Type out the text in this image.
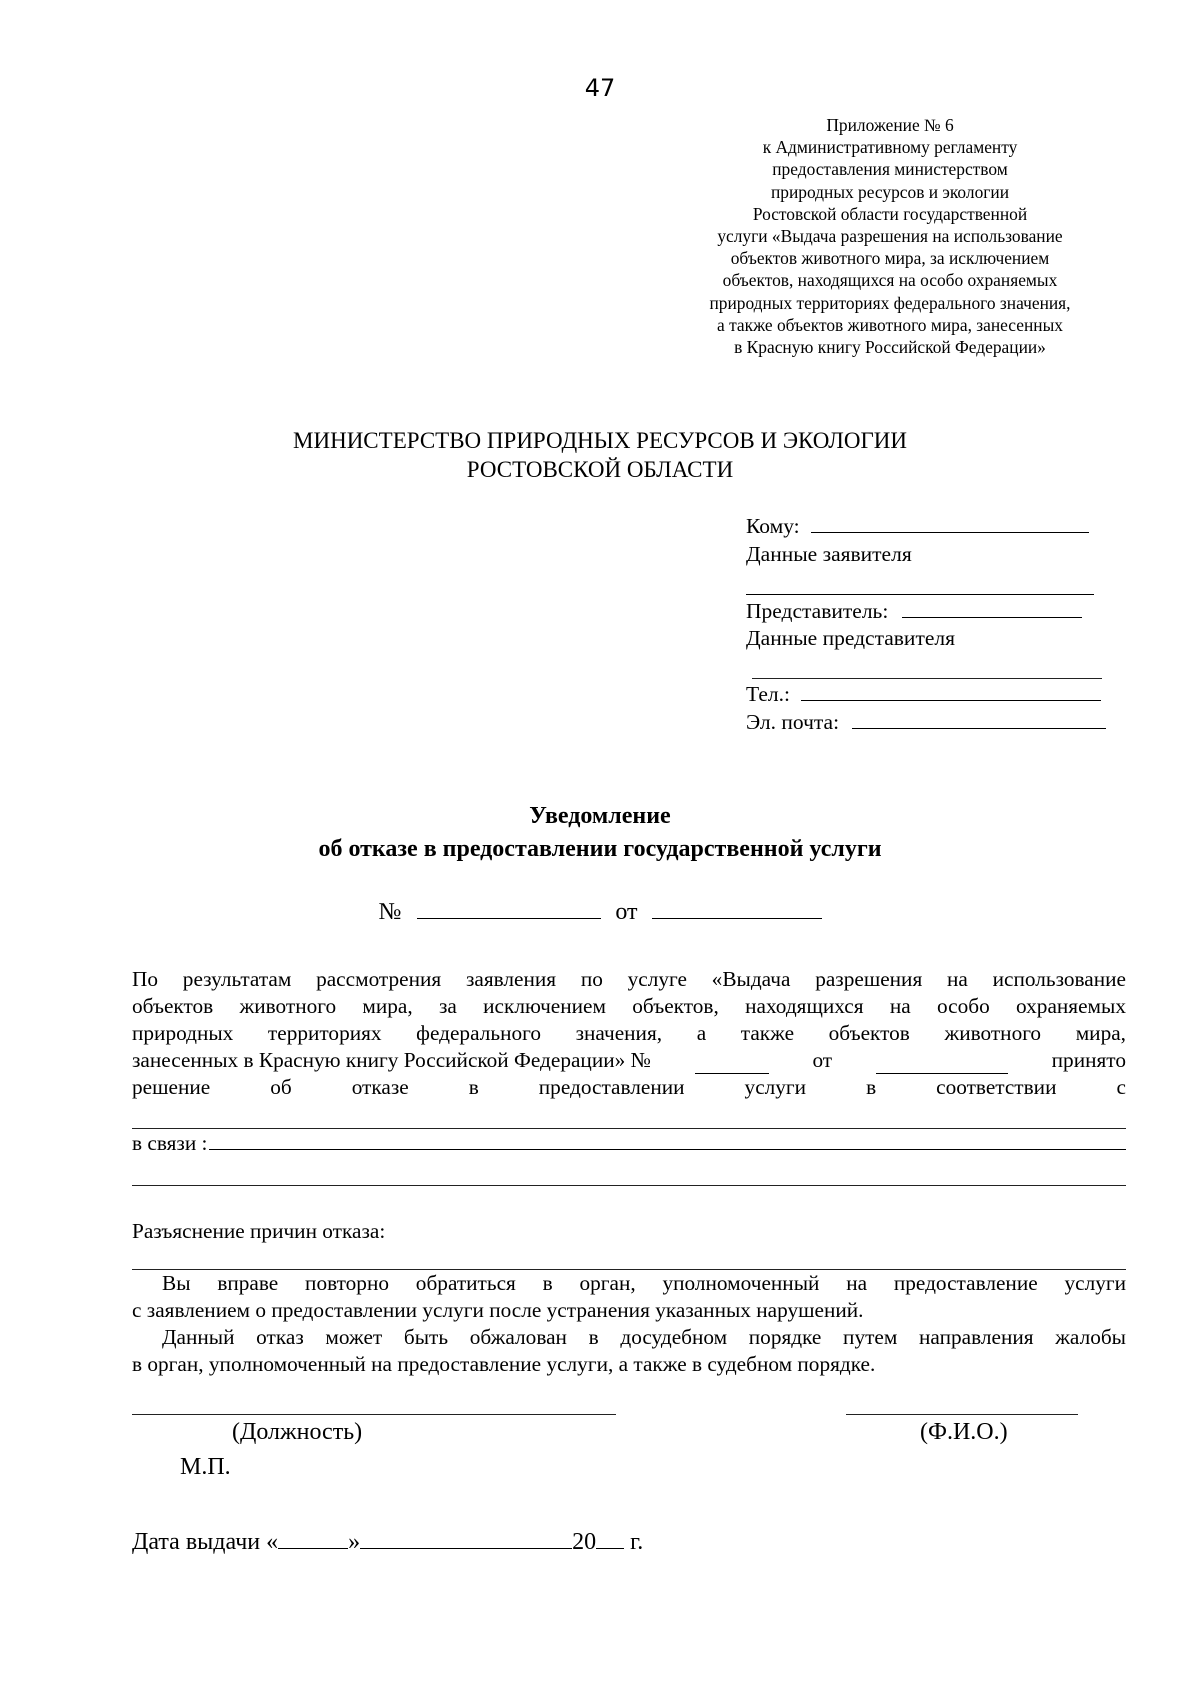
47
Приложение № 6
к Административному регламенту
предоставления министерством
природных ресурсов и экологии
Ростовской области государственной
услуги «Выдача разрешения на использование
объектов животного мира, за исключением
объектов, находящихся на особо охраняемых
природных территориях федерального значения,
а также объектов животного мира, занесенных
в Красную книгу Российской Федерации»
МИНИСТЕРСТВО ПРИРОДНЫХ РЕСУРСОВ И ЭКОЛОГИИ
РОСТОВСКОЙ ОБЛАСТИ
Кому:
Данные заявителя
Представитель:
Данные представителя
Тел.:
Эл. почта:
Уведомление
об отказе в предоставлении государственной услуги
№	от
По результатам рассмотрения заявления по услуге «Выдача разрешения на использование
объектов животного мира, за исключением объектов, находящихся на особо охраняемых
природных территориях федерального значения, а также объектов животного мира,
занесенных в Красную книгу Российской Федерации» №	от	принято
решение	об	отказе	в	предоставлении	услуги	в	соответствии	с
в связи :
Разъяснение причин отказа:
Вы вправе повторно обратиться в орган, уполномоченный на предоставление услуги
с заявлением о предоставлении услуги после устранения указанных нарушений.
Данный отказ может быть обжалован в досудебном порядке путем направления жалобы
в орган, уполномоченный на предоставление услуги, а также в судебном порядке.
(Должность)	(Ф.И.О.)
М.П.
Дата выдачи «	»	20 г.
